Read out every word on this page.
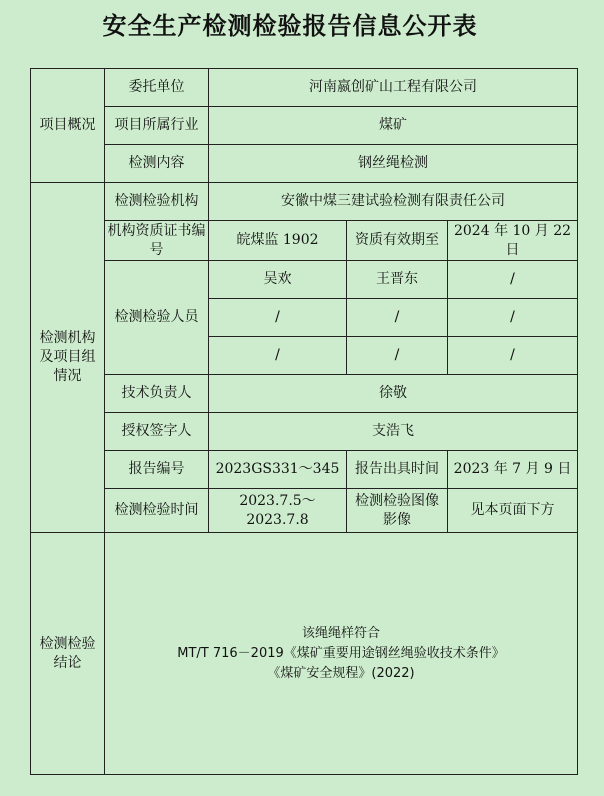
安全生产检测检验报告信息公开表
项目概况	委托单位	河南嬴创矿山工程有限公司		
	项目所属行业	煤矿		
	检测内容	钢丝绳检测		
检测机构及项目组情况	检测检验机构	安徽中煤三建试验检测有限责任公司		
	机构资质证书编号	皖煤监 1902	资质有效期至	2024 年 10 月 22 日
	检测检验人员	吴欢	王晋东	/
		/	/	/
		/	/	/
	技术负责人	徐敬		
	授权签字人	支浩飞		
	报告编号	2023GS331～345	报告出具时间	2023 年 7 月 9 日
	检测检验时间	2023.7.5～2023.7.8	检测检验图像影像	见本页面下方
检测检验结论	该绳绳样符合
MT/T 716－2019《煤矿重要用途钢丝绳验收技术条件》
《煤矿安全规程》(2022)			
